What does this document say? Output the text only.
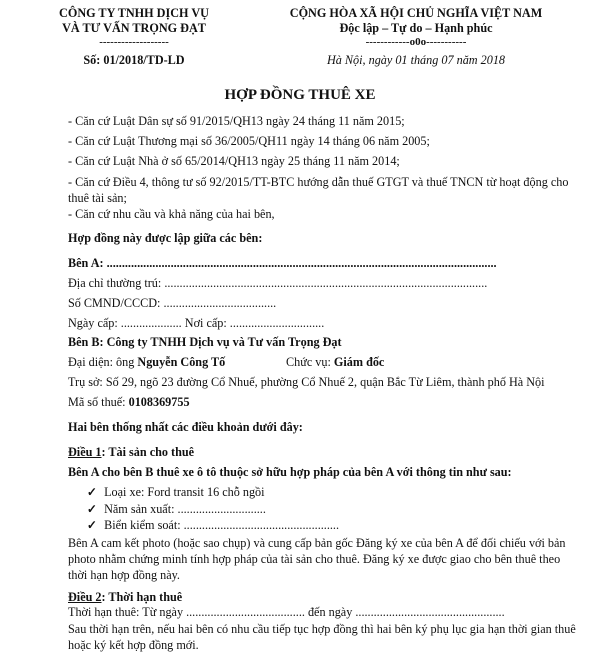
CÔNG TY TNHH DỊCH VỤ
VÀ TƯ VẤN TRỌNG ĐẠT
-------------------
Số: 01/2018/TD-LD
CỘNG HÒA XÃ HỘI CHỦ NGHĨA VIỆT NAM
Độc lập – Tự do – Hạnh phúc
------------o0o-----------
Hà Nội, ngày 01 tháng 07 năm 2018
HỢP ĐỒNG THUÊ XE
- Căn cứ Luật Dân sự số 91/2015/QH13 ngày 24 tháng 11 năm 2015;
- Căn cứ Luật Thương mại số 36/2005/QH11 ngày 14 tháng 06 năm 2005;
- Căn cứ Luật Nhà ở số 65/2014/QH13 ngày 25 tháng 11 năm 2014;
- Căn cứ Điều 4, thông tư số 92/2015/TT-BTC hướng dẫn thuế GTGT và thuế TNCN từ hoạt động cho
thuê tài sản;
- Căn cứ nhu cầu và khả năng của hai bên,
Hợp đồng này được lập giữa các bên:
Bên A: ................................................................................................................................
Địa chỉ thường trú: ..........................................................................................................
Số CMND/CCCD: .....................................
Ngày cấp: .................... Nơi cấp: ...............................
Bên B: Công ty TNHH Dịch vụ và Tư vấn Trọng Đạt
Đại diện: ông Nguyễn Công Tố	Chức vụ: Giám đốc
Trụ sở: Số 29, ngõ 23 đường Cổ Nhuế, phường Cổ Nhuế 2, quận Bắc Từ Liêm, thành phố Hà Nội
Mã số thuế: 0108369755
Hai bên thống nhất các điều khoản dưới đây:
Điều 1: Tài sản cho thuê
Bên A cho bên B thuê xe ô tô thuộc sở hữu hợp pháp của bên A với thông tin như sau:
✓ Loại xe: Ford transit 16 chỗ ngồi
✓ Năm sản xuất: .............................
✓ Biển kiểm soát: ...................................................
Bên A cam kết photo (hoặc sao chụp) và cung cấp bản gốc Đăng ký xe của bên A để đối chiếu với bản
photo nhằm chứng minh tính hợp pháp của tài sản cho thuê. Đăng ký xe được giao cho bên thuê theo
thời hạn hợp đồng này.
Điều 2: Thời hạn thuê
Thời hạn thuê: Từ ngày ....................................... đến ngày .................................................
Sau thời hạn trên, nếu hai bên có nhu cầu tiếp tục hợp đồng thì hai bên ký phụ lục gia hạn thời gian thuê
hoặc ký kết hợp đồng mới.
